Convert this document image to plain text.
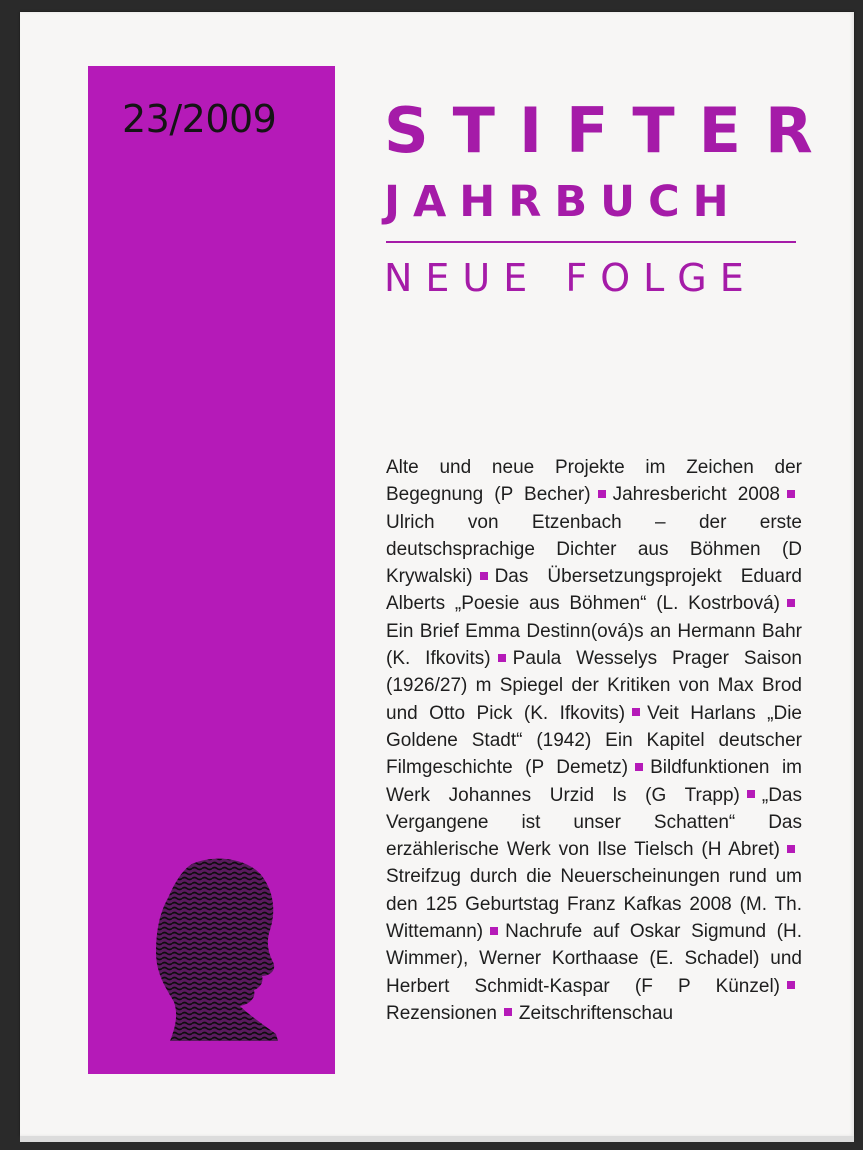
23/2009 STIFTER
JAHRBUCH
NEUE FOLGE

Alte und neue Projekte im Zeichen der Begegnung (P Becher) Jahresbericht 2008Ulrich von Etzenbach – der erste deutschsprachige Dichter aus Böhmen (D Krywalski) Das Übersetzungsprojekt Eduard Alberts „Poesie aus Böhmen“ (L. Kostrbová)Ein Brief Emma Destinn(ová)s an Hermann Bahr (K. Ifkovits) Paula Wesselys Prager Saison (1926/27) m Spiegel der Kritiken von Max Brod und Otto Pick (K. Ifkovits) Veit Harlans „Die Goldene Stadt“ (1942) Ein Kapitel deutscher Filmgeschichte (P Demetz) Bildfunktionen im Werk Johannes Urzid ls (G Trapp) „Das Vergangene ist unser Schatten“ Das erzählerische Werk von Ilse Tielsch (H Abret)Streifzug durch die Neuerscheinungen rund um den 125 Geburtstag Franz Kafkas 2008 (M. Th. Wittemann) Nachrufe auf Oskar Sigmund (H. Wimmer), Werner Korthaase (E. Schadel) und Herbert Schmidt-Kaspar (F P Künzel)Rezensionen Zeitschriftenschau
